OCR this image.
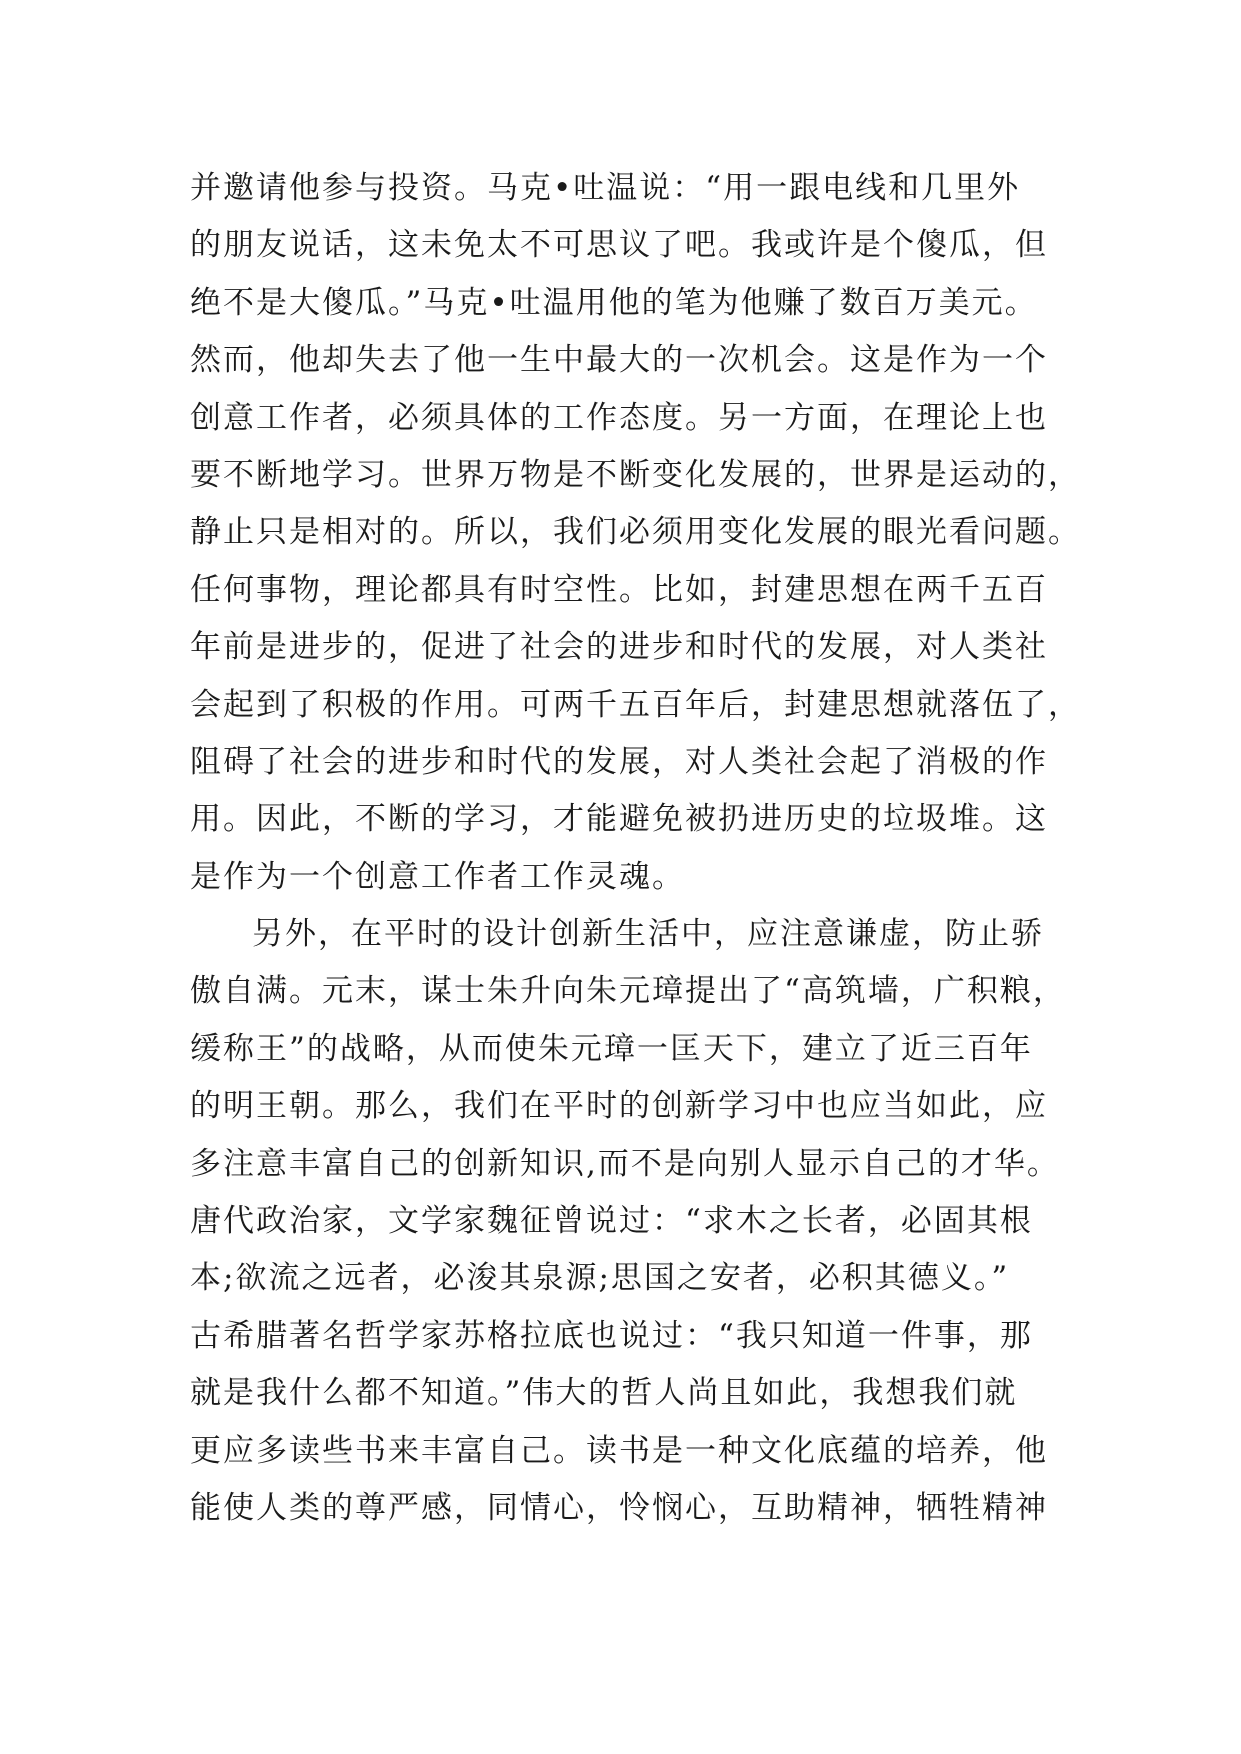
并邀请他参与投资。马克•吐温说：“用一跟电线和几里外
的朋友说话，这未免太不可思议了吧。我或许是个傻瓜，但
绝不是大傻瓜。”马克•吐温用他的笔为他赚了数百万美元。
然而，他却失去了他一生中最大的一次机会。这是作为一个
创意工作者，必须具体的工作态度。另一方面，在理论上也
要不断地学习。世界万物是不断变化发展的，世界是运动的，
静止只是相对的。所以，我们必须用变化发展的眼光看问题。
任何事物，理论都具有时空性。比如，封建思想在两千五百
年前是进步的，促进了社会的进步和时代的发展，对人类社
会起到了积极的作用。可两千五百年后，封建思想就落伍了，
阻碍了社会的进步和时代的发展，对人类社会起了消极的作
用。因此，不断的学习，才能避免被扔进历史的垃圾堆。这
是作为一个创意工作者工作灵魂。
另外，在平时的设计创新生活中，应注意谦虚，防止骄
傲自满。元末，谋士朱升向朱元璋提出了“高筑墙，广积粮，
缓称王”的战略，从而使朱元璋一匡天下，建立了近三百年
的明王朝。那么，我们在平时的创新学习中也应当如此，应
多注意丰富自己的创新知识,而不是向别人显示自己的才华。
唐代政治家，文学家魏征曾说过：“求木之长者，必固其根
本;欲流之远者，必浚其泉源;思国之安者，必积其德义。”
古希腊著名哲学家苏格拉底也说过：“我只知道一件事，那
就是我什么都不知道。”伟大的哲人尚且如此，我想我们就
更应多读些书来丰富自己。读书是一种文化底蕴的培养，他
能使人类的尊严感，同情心，怜悯心，互助精神，牺牲精神
